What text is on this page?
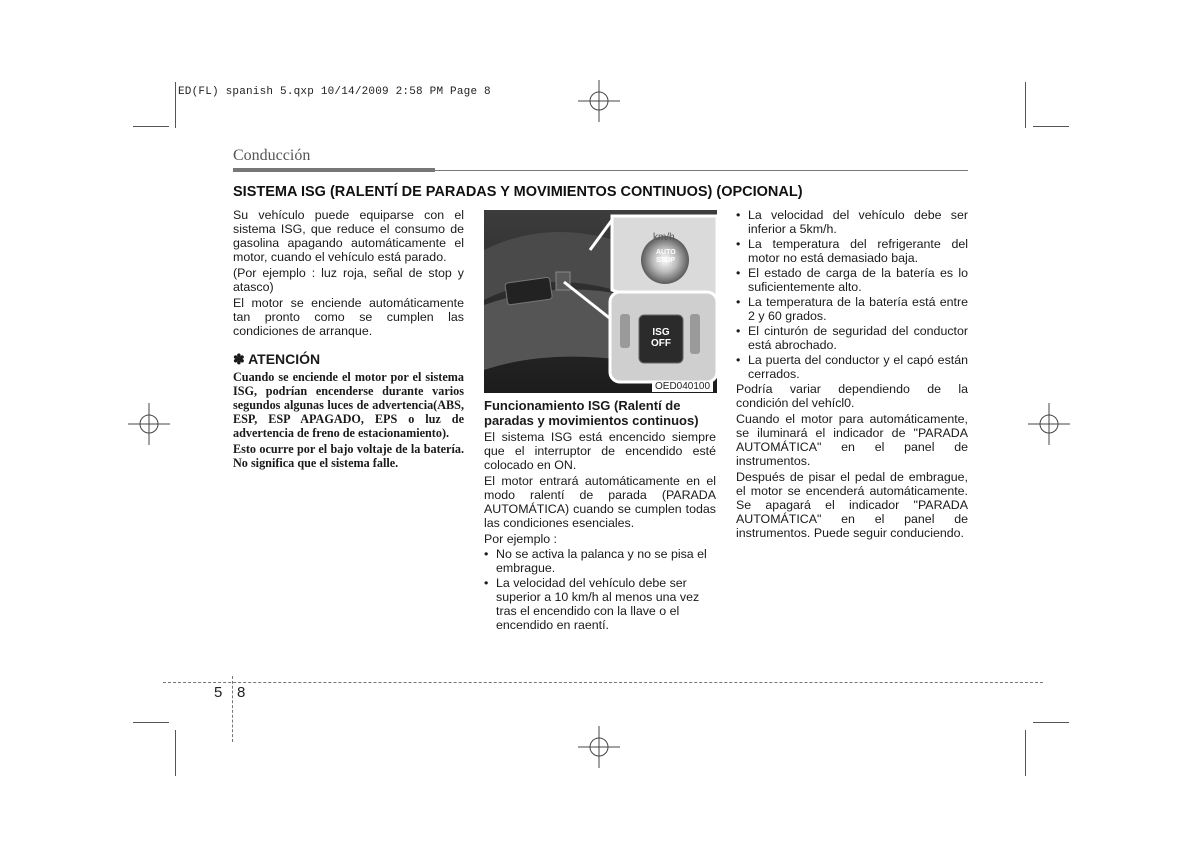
ED(FL) spanish 5.qxp 10/14/2009 2:58 PM Page 8
Conducción
SISTEMA ISG (RALENTÍ DE PARADAS Y MOVIMIENTOS CONTINUOS) (OPCIONAL)

Su vehículo puede equiparse con el sistema ISG, que reduce el consumo de gasolina apagando automáticamente el motor, cuando el vehículo está parado.

(Por ejemplo : luz roja, señal de stop y atasco)

El motor se enciende automáticamente tan pronto como se cumplen las condiciones de arranque.

✽ ATENCIÓN

Cuando se enciende el motor por el sistema ISG, podrían encenderse durante varios segundos algunas luces de advertencia(ABS, ESP, ESP APAGADO, EPS o luz de advertencia de freno de estacionamiento).

Esto ocurre por el bajo voltaje de la batería. No significa que el sistema falle.

km/h
AUTO
STOP
ISG
OFF
OED040100
Funcionamiento ISG (Ralentí de paradas y movimientos continuos)

El sistema ISG está encencido siempre que el interruptor de encendido esté colocado en ON.

El motor entrará automáticamente en el modo ralentí de parada (PARADA AUTOMÁTICA) cuando se cumplen todas las condiciones esenciales.

Por ejemplo :

• No se activa la palanca y no se pisa el embrague.
• La velocidad del vehículo debe ser superior a 10 km/h al menos una vez tras el encendido con la llave o el encendido en raentí.
• La velocidad del vehículo debe ser inferior a 5km/h.
• La temperatura del refrigerante del motor no está demasiado baja.
• El estado de carga de la batería es lo suficientemente alto.
• La temperatura de la batería está entre 2 y 60 grados.
• El cinturón de seguridad del conductor está abrochado.
• La puerta del conductor y el capó están cerrados.

Podría variar dependiendo de la condición del vehícl0.

Cuando el motor para automáticamente, se iluminará el indicador de "PARADA AUTOMÁTICA" en el panel de instrumentos.

Después de pisar el pedal de embrague, el motor se encenderá automáticamente. Se apagará el indicador "PARADA AUTOMÁTICA" en el panel de instrumentos. Puede seguir conduciendo.

5 8
